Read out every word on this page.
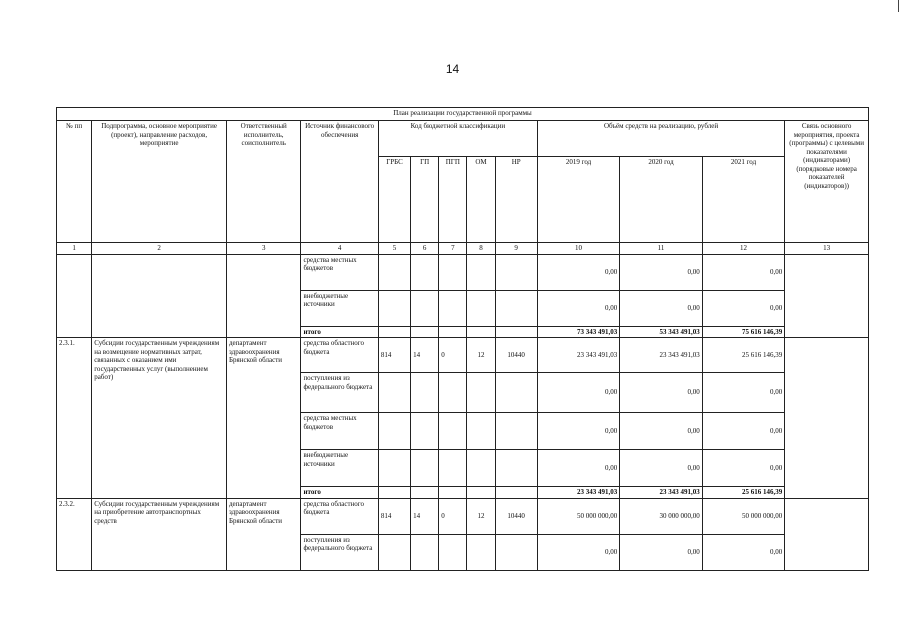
14
План реализации государственной программы												
№ пп	Подпрограмма, основное мероприятие (проект), направление расходов, мероприятие	Ответственный исполнитель, соисполнитель	Источник финансового обеспечения	Код бюджетной классификации					Объём средств на реализацию, рублей			Связь основного мероприятия, проекта (программы) с целевыми показателями (индикаторами) (порядковые номера показателей (индикаторов))
				ГРБС	ГП	ПГП	ОМ	НР	2019 год	2020 год	2021 год	
1	2	3	4	5	6	7	8	9	10	11	12	13
			средства местных бюджетов						0,00	0,00	0,00	
			внебюджетные источники						0,00	0,00	0,00	
			итого						73 343 491,03	53 343 491,03	75 616 146,39	
2.3.1.	Субсидии государственным учреждениям на возмещение нормативных затрат, связанных с оказанием ими государственных услуг (выполнением работ)	департамент здравоохранения Брянской области	средства областного бюджета	814	14	0	12	10440	23 343 491,03	23 343 491,03	25 616 146,39	
			поступления из федерального бюджета						0,00	0,00	0,00	
			средства местных бюджетов						0,00	0,00	0,00	
			внебюджетные источники						0,00	0,00	0,00	
			итого						23 343 491,03	23 343 491,03	25 616 146,39	
2.3.2.	Субсидии государственным учреждениям на приобретение автотранспортных средств	департамент здравоохранения Брянской области	средства областного бюджета	814	14	0	12	10440	50 000 000,00	30 000 000,00	50 000 000,00	
			поступления из федерального бюджета						0,00	0,00	0,00	
